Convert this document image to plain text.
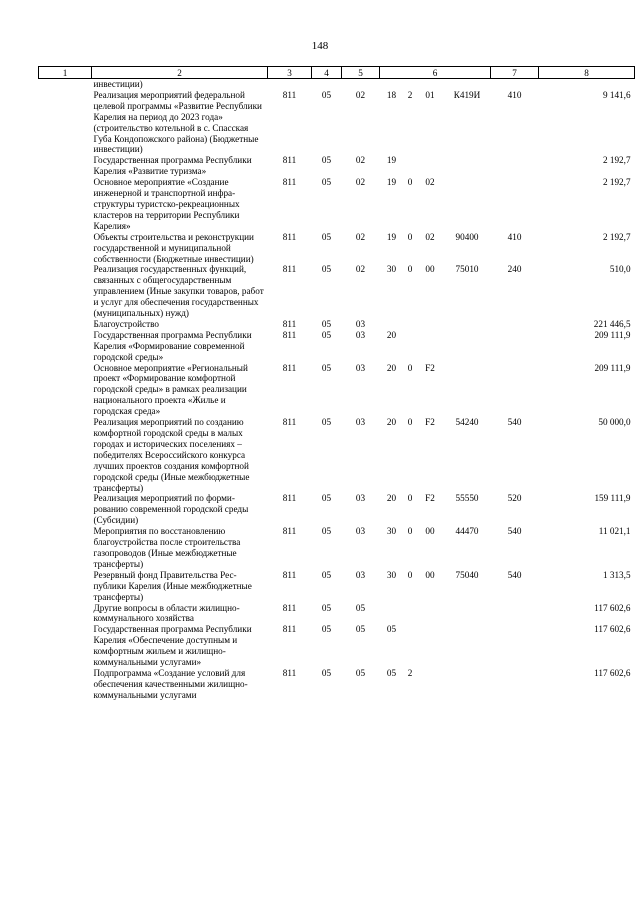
148
1	2	3	4	5	6				7	8
	инвестиции)									
	Реализация мероприятий федеральной целевой программы «Развитие Республики Карелия на период до 2023 года» (строительство котельной в с. Спасская Губа Кондопожского района) (Бюджетные инвестиции)	811	05	02	18	2	01	К419И	410	9 141,6
	Государственная программа Республики Карелия «Развитие туризма»	811	05	02	19					2 192,7
	Основное мероприятие «Создание инженерной и транспортной инфраструктуры туристско-рекреационных кластеров на территории Республики Карелия»	811	05	02	19	0	02			2 192,7
	Объекты строительства и реконструкции государственной и муниципальной собственности (Бюджетные инвестиции)	811	05	02	19	0	02	90400	410	2 192,7
	Реализация государственных функций, связанных с общегосударственным управлением (Иные закупки товаров, работ и услуг для обеспечения государственных (муниципальных) нужд)	811	05	02	30	0	00	75010	240	510,0
	Благоустройство	811	05	03						221 446,5
	Государственная программа Республики Карелия «Формирование современной городской среды»	811	05	03	20					209 111,9
	Основное мероприятие «Региональный проект «Формирование комфортной городской среды» в рамках реализации национального проекта «Жилье и городская среда»	811	05	03	20	0	F2			209 111,9
	Реализация мероприятий по созданию комфортной городской среды в малых городах и исторических поселениях – победителях Всероссийского конкурса лучших проектов создания комфортной городской среды (Иные межбюджетные трансферты)	811	05	03	20	0	F2	54240	540	50 000,0
	Реализация мероприятий по формированию современной городской среды (Субсидии)	811	05	03	20	0	F2	55550	520	159 111,9
	Мероприятия по восстановлению благоустройства после строительства газопроводов (Иные межбюджетные трансферты)	811	05	03	30	0	00	44470	540	11 021,1
	Резервный фонд Правительства Республики Карелия (Иные межбюджетные трансферты)	811	05	03	30	0	00	75040	540	1 313,5
	Другие вопросы в области жилищно-коммунального хозяйства	811	05	05						117 602,6
	Государственная программа Республики Карелия «Обеспечение доступным и комфортным жильем и жилищно-коммунальными услугами»	811	05	05	05					117 602,6
	Подпрограмма «Создание условий для обеспечения качественными жилищно-коммунальными услугами	811	05	05	05	2				117 602,6
